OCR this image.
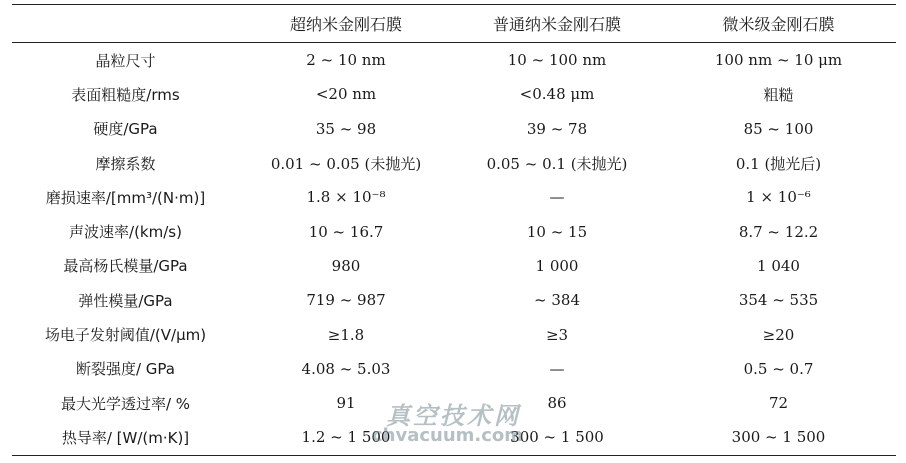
	超纳米金刚石膜	普通纳米金刚石膜	微米级金刚石膜
晶粒尺寸	2 ~ 10 nm	10 ~ 100 nm	100 nm ~ 10 μm
表面粗糙度/rms	<20 nm	<0.48 μm	粗糙
硬度/GPa	35 ~ 98	39 ~ 78	85 ~ 100
摩擦系数	0.01 ~ 0.05 (未抛光)	0.05 ~ 0.1 (未抛光)	0.1 (抛光后)
磨损速率/[mm³/(N·m)]	1.8 × 10⁻⁸	—	1 × 10⁻⁶
声波速率/(km/s)	10 ~ 16.7	10 ~ 15	8.7 ~ 12.2
最高杨氏模量/GPa	980	1 000	1 040
弹性模量/GPa	719 ~ 987	~ 384	354 ~ 535
场电子发射阈值/(V/μm)	≥1.8	≥3	≥20
断裂强度/ GPa	4.08 ~ 5.03	—	0.5 ~ 0.7
最大光学透过率/ %	91	86	72
热导率/ [W/(m·K)]	1.2 ~ 1 500	300 ~ 1 500	300 ~ 1 500
真空技术网
chvacuum.com
